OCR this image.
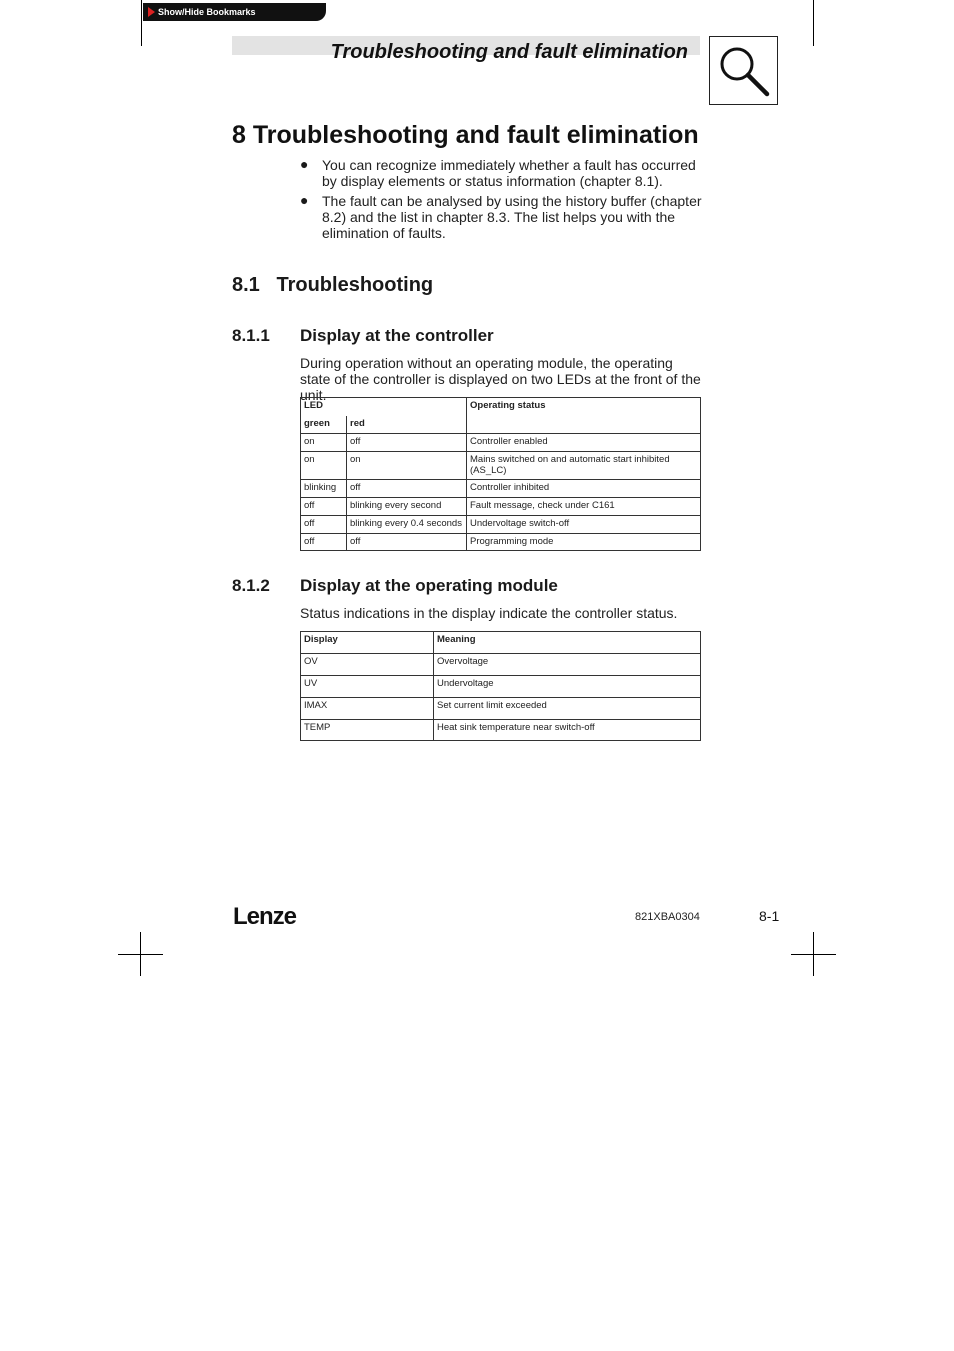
Show/Hide Bookmarks
Troubleshooting and fault elimination
8 Troubleshooting and fault elimination
● You can recognize immediately whether a fault has occurred by display elements or status information (chapter 8.1).
● The fault can be analysed by using the history buffer (chapter 8.2) and the list in chapter 8.3. The list helps you with the elimination of faults.
8.1   Troubleshooting
8.1.1 Display at the controller
During operation without an operating module, the operating state of the controller is displayed on two LEDs at the front of the unit.
LED		Operating status
green	red	
on	off	Controller enabled
on	on	Mains switched on and automatic start inhibited (AS_LC)
blinking	off	Controller inhibited
off	blinking every second	Fault message, check under C161
off	blinking every 0.4 seconds	Undervoltage switch-off
off	off	Programming mode
8.1.2 Display at the operating module
Status indications in the display indicate the controller status.
Display	Meaning
OV	Overvoltage
UV	Undervoltage
IMAX	Set current limit exceeded
TEMP	Heat sink temperature near switch-off
Lenze	821XBA0304	8-1
